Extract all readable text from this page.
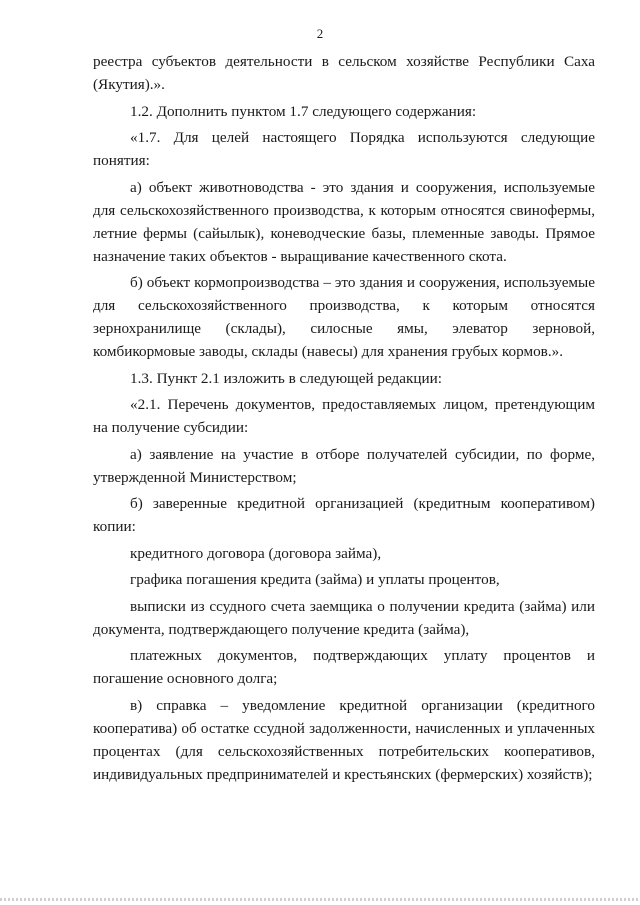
2

реестра субъектов деятельности в сельском хозяйстве Республики Саха (Якутия).».

1.2. Дополнить пунктом 1.7 следующего содержания:

«1.7. Для целей настоящего Порядка используются следующие понятия:

а) объект животноводства - это здания и сооружения, используемые для сельскохозяйственного производства, к которым относятся свинофермы, летние фермы (сайылык), коневодческие базы, племенные заводы. Прямое назначение таких объектов - выращивание качественного скота.

б) объект кормопроизводства – это здания и сооружения, используемые для сельскохозяйственного производства, к которым относятся зернохранилище (склады), силосные ямы, элеватор зерновой, комбикормовые заводы, склады (навесы) для хранения грубых кормов.».

1.3. Пункт 2.1 изложить в следующей редакции:

«2.1. Перечень документов, предоставляемых лицом, претендующим на получение субсидии:

а) заявление на участие в отборе получателей субсидии, по форме, утвержденной Министерством;

б) заверенные кредитной организацией (кредитным кооперативом) копии:

кредитного договора (договора займа),

графика погашения кредита (займа) и уплаты процентов,

выписки из ссудного счета заемщика о получении кредита (займа) или документа, подтверждающего получение кредита (займа),

платежных документов, подтверждающих уплату процентов и погашение основного долга;

в) справка – уведомление кредитной организации (кредитного кооператива) об остатке ссудной задолженности, начисленных и уплаченных процентах (для сельскохозяйственных потребительских кооперативов, индивидуальных предпринимателей и крестьянских (фермерских) хозяйств);
